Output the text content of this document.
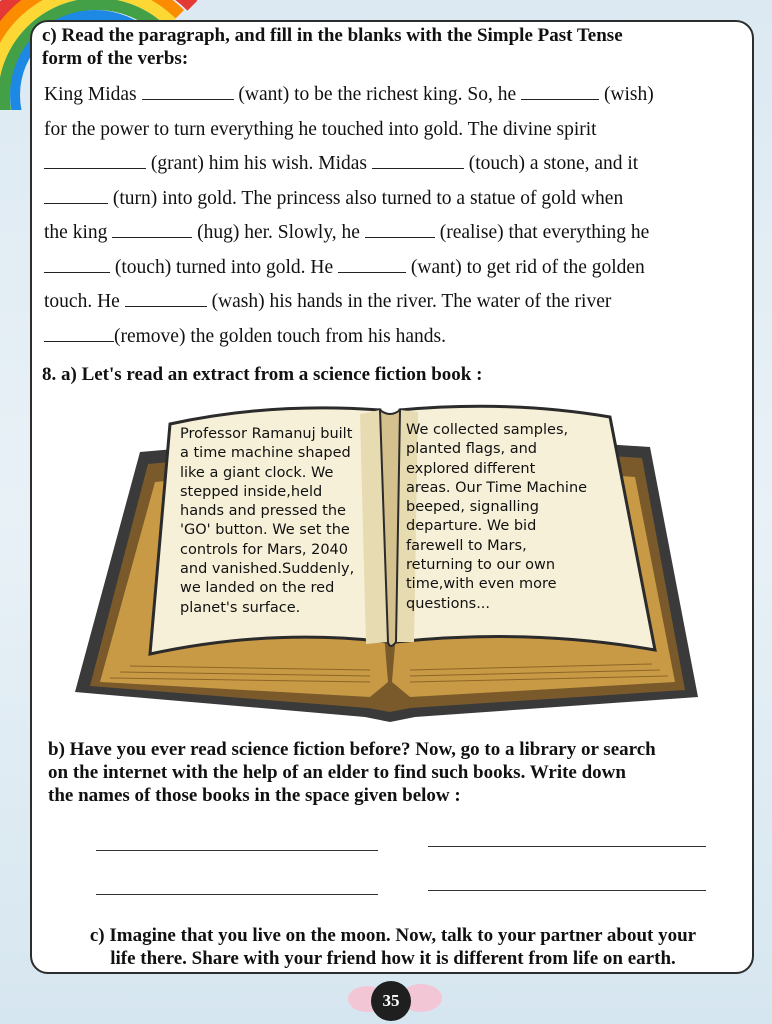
c) Read the paragraph, and fill in the blanks with the Simple Past Tense
form of the verbs:
King Midas	(want) to be the richest king. So, he	(wish)
for the power to turn everything he touched into gold. The divine spirit
(grant) him his wish. Midas	(touch) a stone, and it
(turn) into gold. The princess also turned to a statue of gold when
the king	(hug) her. Slowly, he	(realise) that everything he
(touch) turned into gold. He	(want) to get rid of the golden
touch. He	(wash) his hands in the river. The water of the river
(remove) the golden touch from his hands.
8. a) Let's read an extract from a science fiction book :
Professor Ramanuj built
a time machine shaped
like a giant clock. We
stepped inside,held
hands and pressed the
'GO' button. We set the
controls for Mars, 2040
and vanished.Suddenly,
we landed on the red
planet's surface.
We collected samples,
planted flags, and
explored different
areas. Our Time Machine
beeped, signalling
departure. We bid
farewell to Mars,
returning to our own
time,with even more
questions...
b) Have you ever read science fiction before? Now, go to a library or search
on the internet with the help of an elder to find such books. Write down
the names of those books in the space given below :
c) Imagine that you live on the moon. Now, talk to your partner about your
life there. Share with your friend how it is different from life on earth.
35
